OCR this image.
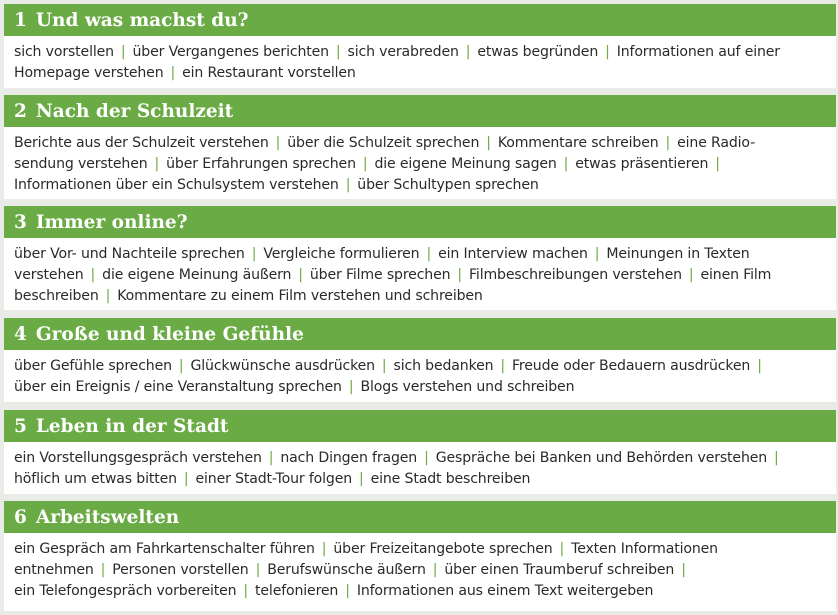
1 Und was machst du?
sich vorstellen | über Vergangenes berichten | sich verabreden | etwas begründen | Informationen auf einer
Homepage verstehen | ein Restaurant vorstellen
2 Nach der Schulzeit
Berichte aus der Schulzeit verstehen | über die Schulzeit sprechen | Kommentare schreiben | eine Radio-
sendung verstehen | über Erfahrungen sprechen | die eigene Meinung sagen | etwas präsentieren |
Informationen über ein Schulsystem verstehen | über Schultypen sprechen
3 Immer online?
über Vor- und Nachteile sprechen | Vergleiche formulieren | ein Interview machen | Meinungen in Texten
verstehen | die eigene Meinung äußern | über Filme sprechen | Filmbeschreibungen verstehen | einen Film
beschreiben | Kommentare zu einem Film verstehen und schreiben
4 Große und kleine Gefühle
über Gefühle sprechen | Glückwünsche ausdrücken | sich bedanken | Freude oder Bedauern ausdrücken |
über ein Ereignis / eine Veranstaltung sprechen | Blogs verstehen und schreiben
5 Leben in der Stadt
ein Vorstellungsgespräch verstehen | nach Dingen fragen | Gespräche bei Banken und Behörden verstehen |
höflich um etwas bitten | einer Stadt-Tour folgen | eine Stadt beschreiben
6 Arbeitswelten
ein Gespräch am Fahrkartenschalter führen | über Freizeitangebote sprechen | Texten Informationen
entnehmen | Personen vorstellen | Berufswünsche äußern | über einen Traumberuf schreiben |
ein Telefongespräch vorbereiten | telefonieren | Informationen aus einem Text weitergeben
